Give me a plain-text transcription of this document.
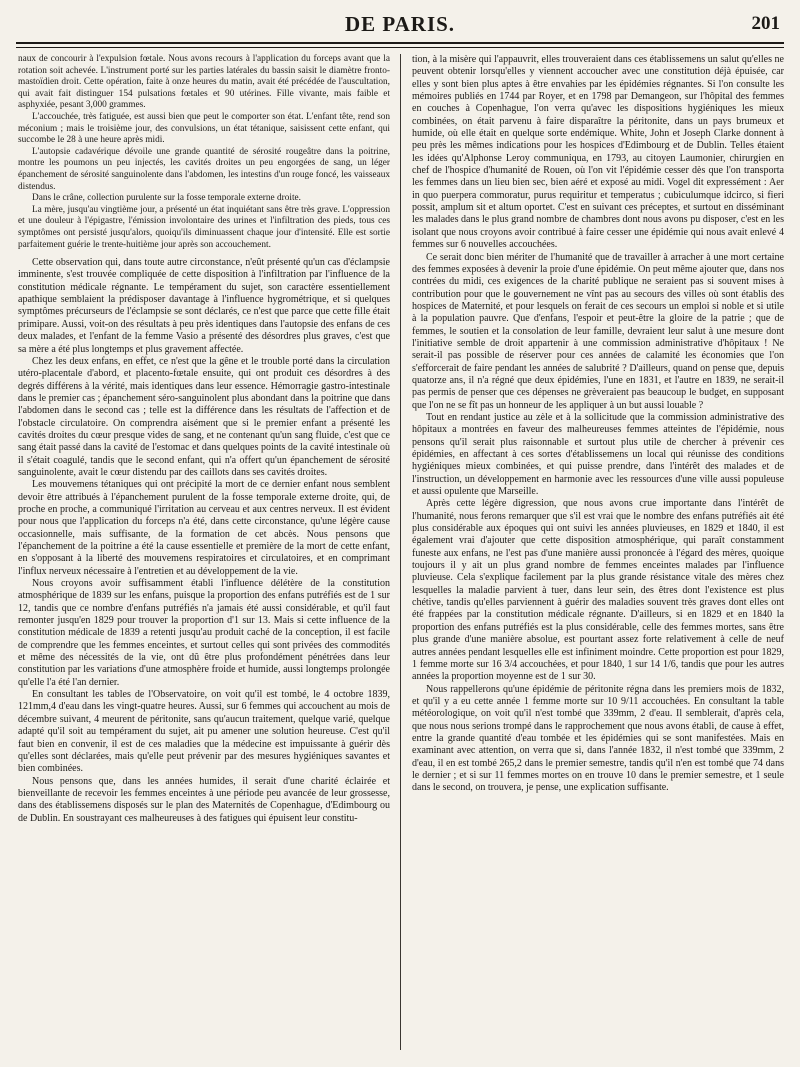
DE PARIS.	201

naux de concourir à l'expulsion fœtale. Nous avons recours à l'application du forceps avant que la rotation soit achevée. L'instrument porté sur les parties latérales du bassin saisit le diamètre fronto-mastoïdien droit. Cette opération, faite à onze heures du matin, avait été précédée de l'auscultation, qui avait fait distinguer 154 pulsations fœtales et 90 utérines. Fille vivante, mais faible et asphyxiée, pesant 3,000 grammes.

L'accouchée, très fatiguée, est aussi bien que peut le comporter son état. L'enfant tête, rend son méconium ; mais le troisième jour, des convulsions, un état tétanique, saisissent cette enfant, qui succombe le 28 à une heure après midi.

L'autopsie cadavérique dévoile une grande quantité de sérosité rougeâtre dans la poitrine, montre les poumons un peu injectés, les cavités droites un peu engorgées de sang, un léger épanchement de sérosité sanguinolente dans l'abdomen, les intestins d'un rouge foncé, les vaisseaux distendus.

Dans le crâne, collection purulente sur la fosse temporale externe droite.

La mère, jusqu'au vingtième jour, a présenté un état inquiétant sans être très grave. L'oppression et une douleur à l'épigastre, l'émission involontaire des urines et l'infiltration des pieds, tous ces symptômes ont persisté jusqu'alors, quoiqu'ils diminuassent chaque jour d'intensité. Elle est sortie parfaitement guérie le trente-huitième jour après son accouchement.

Cette observation qui, dans toute autre circonstance, n'eût présenté qu'un cas d'éclampsie imminente, s'est trouvée compliquée de cette disposition à l'infiltration par l'influence de la constitution médicale régnante. Le tempérament du sujet, son caractère essentiellement apathique semblaient la prédisposer davantage à l'influence hygrométrique, et si quelques symptômes précurseurs de l'éclampsie se sont déclarés, ce n'est que parce que cette fille était primipare. Aussi, voit-on des résultats à peu près identiques dans l'autopsie des enfans de ces deux malades, et l'enfant de la femme Vasio a présenté des désordres plus graves, c'est que sa mère a été plus longtemps et plus gravement affectée.

Chez les deux enfans, en effet, ce n'est que la gêne et le trouble porté dans la circulation utéro-placentale d'abord, et placento-fœtale ensuite, qui ont produit ces désordres à des degrés différens à la vérité, mais identiques dans leur essence. Hémorragie gastro-intestinale dans le premier cas ; épanchement séro-sanguinolent plus abondant dans la poitrine que dans l'abdomen dans le second cas ; telle est la différence dans les résultats de l'affection et de l'obstacle circulatoire. On comprendra aisément que si le premier enfant a présenté les cavités droites du cœur presque vides de sang, et ne contenant qu'un sang fluide, c'est que ce sang était passé dans la cavité de l'estomac et dans quelques points de la cavité intestinale où il s'était coagulé, tandis que le second enfant, qui n'a offert qu'un épanchement de sérosité sanguinolente, avait le cœur distendu par des caillots dans ses cavités droites.

Les mouvemens tétaniques qui ont précipité la mort de ce dernier enfant nous semblent devoir être attribués à l'épanchement purulent de la fosse temporale externe droite, qui, de proche en proche, a communiqué l'irritation au cerveau et aux centres nerveux. Il est évident pour nous que l'application du forceps n'a été, dans cette circonstance, qu'une légère cause occasionnelle, mais suffisante, de la formation de cet abcès. Nous pensons que l'épanchement de la poitrine a été la cause essentielle et première de la mort de cette enfant, en s'opposant à la liberté des mouvemens respiratoires et circulatoires, et en comprimant l'influx nerveux nécessaire à l'entretien et au développement de la vie.

Nous croyons avoir suffisamment établi l'influence délétère de la constitution atmosphérique de 1839 sur les enfans, puisque la proportion des enfans putréfiés est de 1 sur 12, tandis que ce nombre d'enfans putréfiés n'a jamais été aussi considérable, et qu'il faut remonter jusqu'en 1829 pour trouver la proportion d'1 sur 13. Mais si cette influence de la constitution médicale de 1839 a retenti jusqu'au produit caché de la conception, il est facile de comprendre que les femmes enceintes, et surtout celles qui sont privées des commodités et même des nécessités de la vie, ont dû être plus profondément pénétrées dans leur constitution par les variations d'une atmosphère froide et humide, aussi longtemps prolongée qu'elle l'a été l'an dernier.

En consultant les tables de l'Observatoire, on voit qu'il est tombé, le 4 octobre 1839, 121mm,4 d'eau dans les vingt-quatre heures. Aussi, sur 6 femmes qui accouchent au mois de décembre suivant, 4 meurent de péritonite, sans qu'aucun traitement, quelque varié, quelque adapté qu'il soit au tempérament du sujet, ait pu amener une solution heureuse. C'est qu'il faut bien en convenir, il est de ces maladies que la médecine est impuissante à guérir dès qu'elles sont déclarées, mais qu'elle peut prévenir par des mesures hygiéniques savantes et bien combinées.

Nous pensons que, dans les années humides, il serait d'une charité éclairée et bienveillante de recevoir les femmes enceintes à une période peu avancée de leur grossesse, dans des établissemens disposés sur le plan des Maternités de Copenhague, d'Edimbourg ou de Dublin. En soustrayant ces malheureuses à des fatigues qui épuisent leur constitu-

tion, à la misère qui l'appauvrit, elles trouveraient dans ces établissemens un salut qu'elles ne peuvent obtenir lorsqu'elles y viennent accoucher avec une constitution déjà épuisée, car elles y sont bien plus aptes à être envahies par les épidémies régnantes. Si l'on consulte les mémoires publiés en 1744 par Royer, et en 1798 par Demangeon, sur l'hôpital des femmes en couches à Copenhague, l'on verra qu'avec les dispositions hygiéniques les mieux combinées, on était parvenu à faire disparaître la péritonite, dans un pays brumeux et humide, où elle était en quelque sorte endémique. White, John et Joseph Clarke donnent à peu près les mêmes indications pour les hospices d'Edimbourg et de Dublin. Telles étaient les idées qu'Alphonse Leroy communiqua, en 1793, au citoyen Laumonier, chirurgien en chef de l'hospice d'humanité de Rouen, où l'on vit l'épidémie cesser dès que l'on transporta les femmes dans un lieu bien sec, bien aéré et exposé au midi. Vogel dit expressément : Aer in quo puerpera commoratur, purus requiritur et temperatus ; cubiculumque idcirco, si fieri possit, amplum sit et altum oportet. C'est en suivant ces préceptes, et surtout en disséminant les malades dans le plus grand nombre de chambres dont nous avons pu disposer, c'est en les isolant que nous croyons avoir contribué à faire cesser une épidémie qui nous avait enlevé 4 femmes sur 6 nouvelles accouchées.

Ce serait donc bien mériter de l'humanité que de travailler à arracher à une mort certaine des femmes exposées à devenir la proie d'une épidémie. On peut même ajouter que, dans nos contrées du midi, ces exigences de la charité publique ne seraient pas si souvent mises à contribution pour que le gouvernement ne vînt pas au secours des villes où sont établis des hospices de Maternité, et pour lesquels on ferait de ces secours un emploi si noble et si utile à la population pauvre. Que d'enfans, l'espoir et peut-être la gloire de la patrie ; que de femmes, le soutien et la consolation de leur famille, devraient leur salut à une mesure dont l'initiative semble de droit appartenir à une commission administrative d'hôpitaux ! Ne serait-il pas possible de réserver pour ces années de calamité les économies que l'on s'efforcerait de faire pendant les années de salubrité ? D'ailleurs, quand on pense que, depuis quatorze ans, il n'a régné que deux épidémies, l'une en 1831, et l'autre en 1839, ne serait-il pas permis de penser que ces dépenses ne grèveraient pas beaucoup le budget, en supposant que l'on ne se fît pas un honneur de les appliquer à un but aussi louable ?

Tout en rendant justice au zèle et à la sollicitude que la commission administrative des hôpitaux a montrées en faveur des malheureuses femmes atteintes de l'épidémie, nous pensons qu'il serait plus raisonnable et surtout plus utile de chercher à prévenir ces épidémies, en affectant à ces sortes d'établissemens un local qui réunisse des conditions hygiéniques mieux combinées, et qui puisse prendre, dans l'intérêt des malades et de l'instruction, un développement en harmonie avec les ressources d'une ville aussi populeuse et aussi opulente que Marseille.

Après cette légère digression, que nous avons crue importante dans l'intérêt de l'humanité, nous ferons remarquer que s'il est vrai que le nombre des enfans putréfiés ait été plus considérable aux époques qui ont suivi les années pluvieuses, en 1829 et 1840, il est également vrai d'ajouter que cette disposition atmosphérique, qui paraît constamment funeste aux enfans, ne l'est pas d'une manière aussi prononcée à l'égard des mères, quoique toujours il y ait un plus grand nombre de femmes enceintes malades par l'influence pluvieuse. Cela s'explique facilement par la plus grande résistance vitale des mères chez lesquelles la maladie parvient à tuer, dans leur sein, des êtres dont l'existence est plus chétive, tandis qu'elles parviennent à guérir des maladies souvent très graves dont elles ont été frappées par la constitution médicale régnante. D'ailleurs, si en 1829 et en 1840 la proportion des enfans putréfiés est la plus considérable, celle des femmes mortes, sans être plus grande d'une manière absolue, est pourtant assez forte relativement à celle de neuf autres années pendant lesquelles elle est infiniment moindre. Cette proportion est pour 1829, 1 femme morte sur 16 3/4 accouchées, et pour 1840, 1 sur 14 1/6, tandis que pour les autres années la proportion moyenne est de 1 sur 30.

Nous rappellerons qu'une épidémie de péritonite régna dans les premiers mois de 1832, et qu'il y a eu cette année 1 femme morte sur 10 9/11 accouchées. En consultant la table météorologique, on voit qu'il n'est tombé que 339mm, 2 d'eau. Il semblerait, d'après cela, que nous nous serions trompé dans le rapprochement que nous avons établi, de cause à effet, entre la grande quantité d'eau tombée et les épidémies qui se sont manifestées. Mais en examinant avec attention, on verra que si, dans l'année 1832, il n'est tombé que 339mm, 2 d'eau, il en est tombé 265,2 dans le premier semestre, tandis qu'il n'en est tombé que 74 dans le dernier ; et si sur 11 femmes mortes on en trouve 10 dans le premier semestre, et 1 seule dans le second, on trouvera, je pense, une explication suffisante.
